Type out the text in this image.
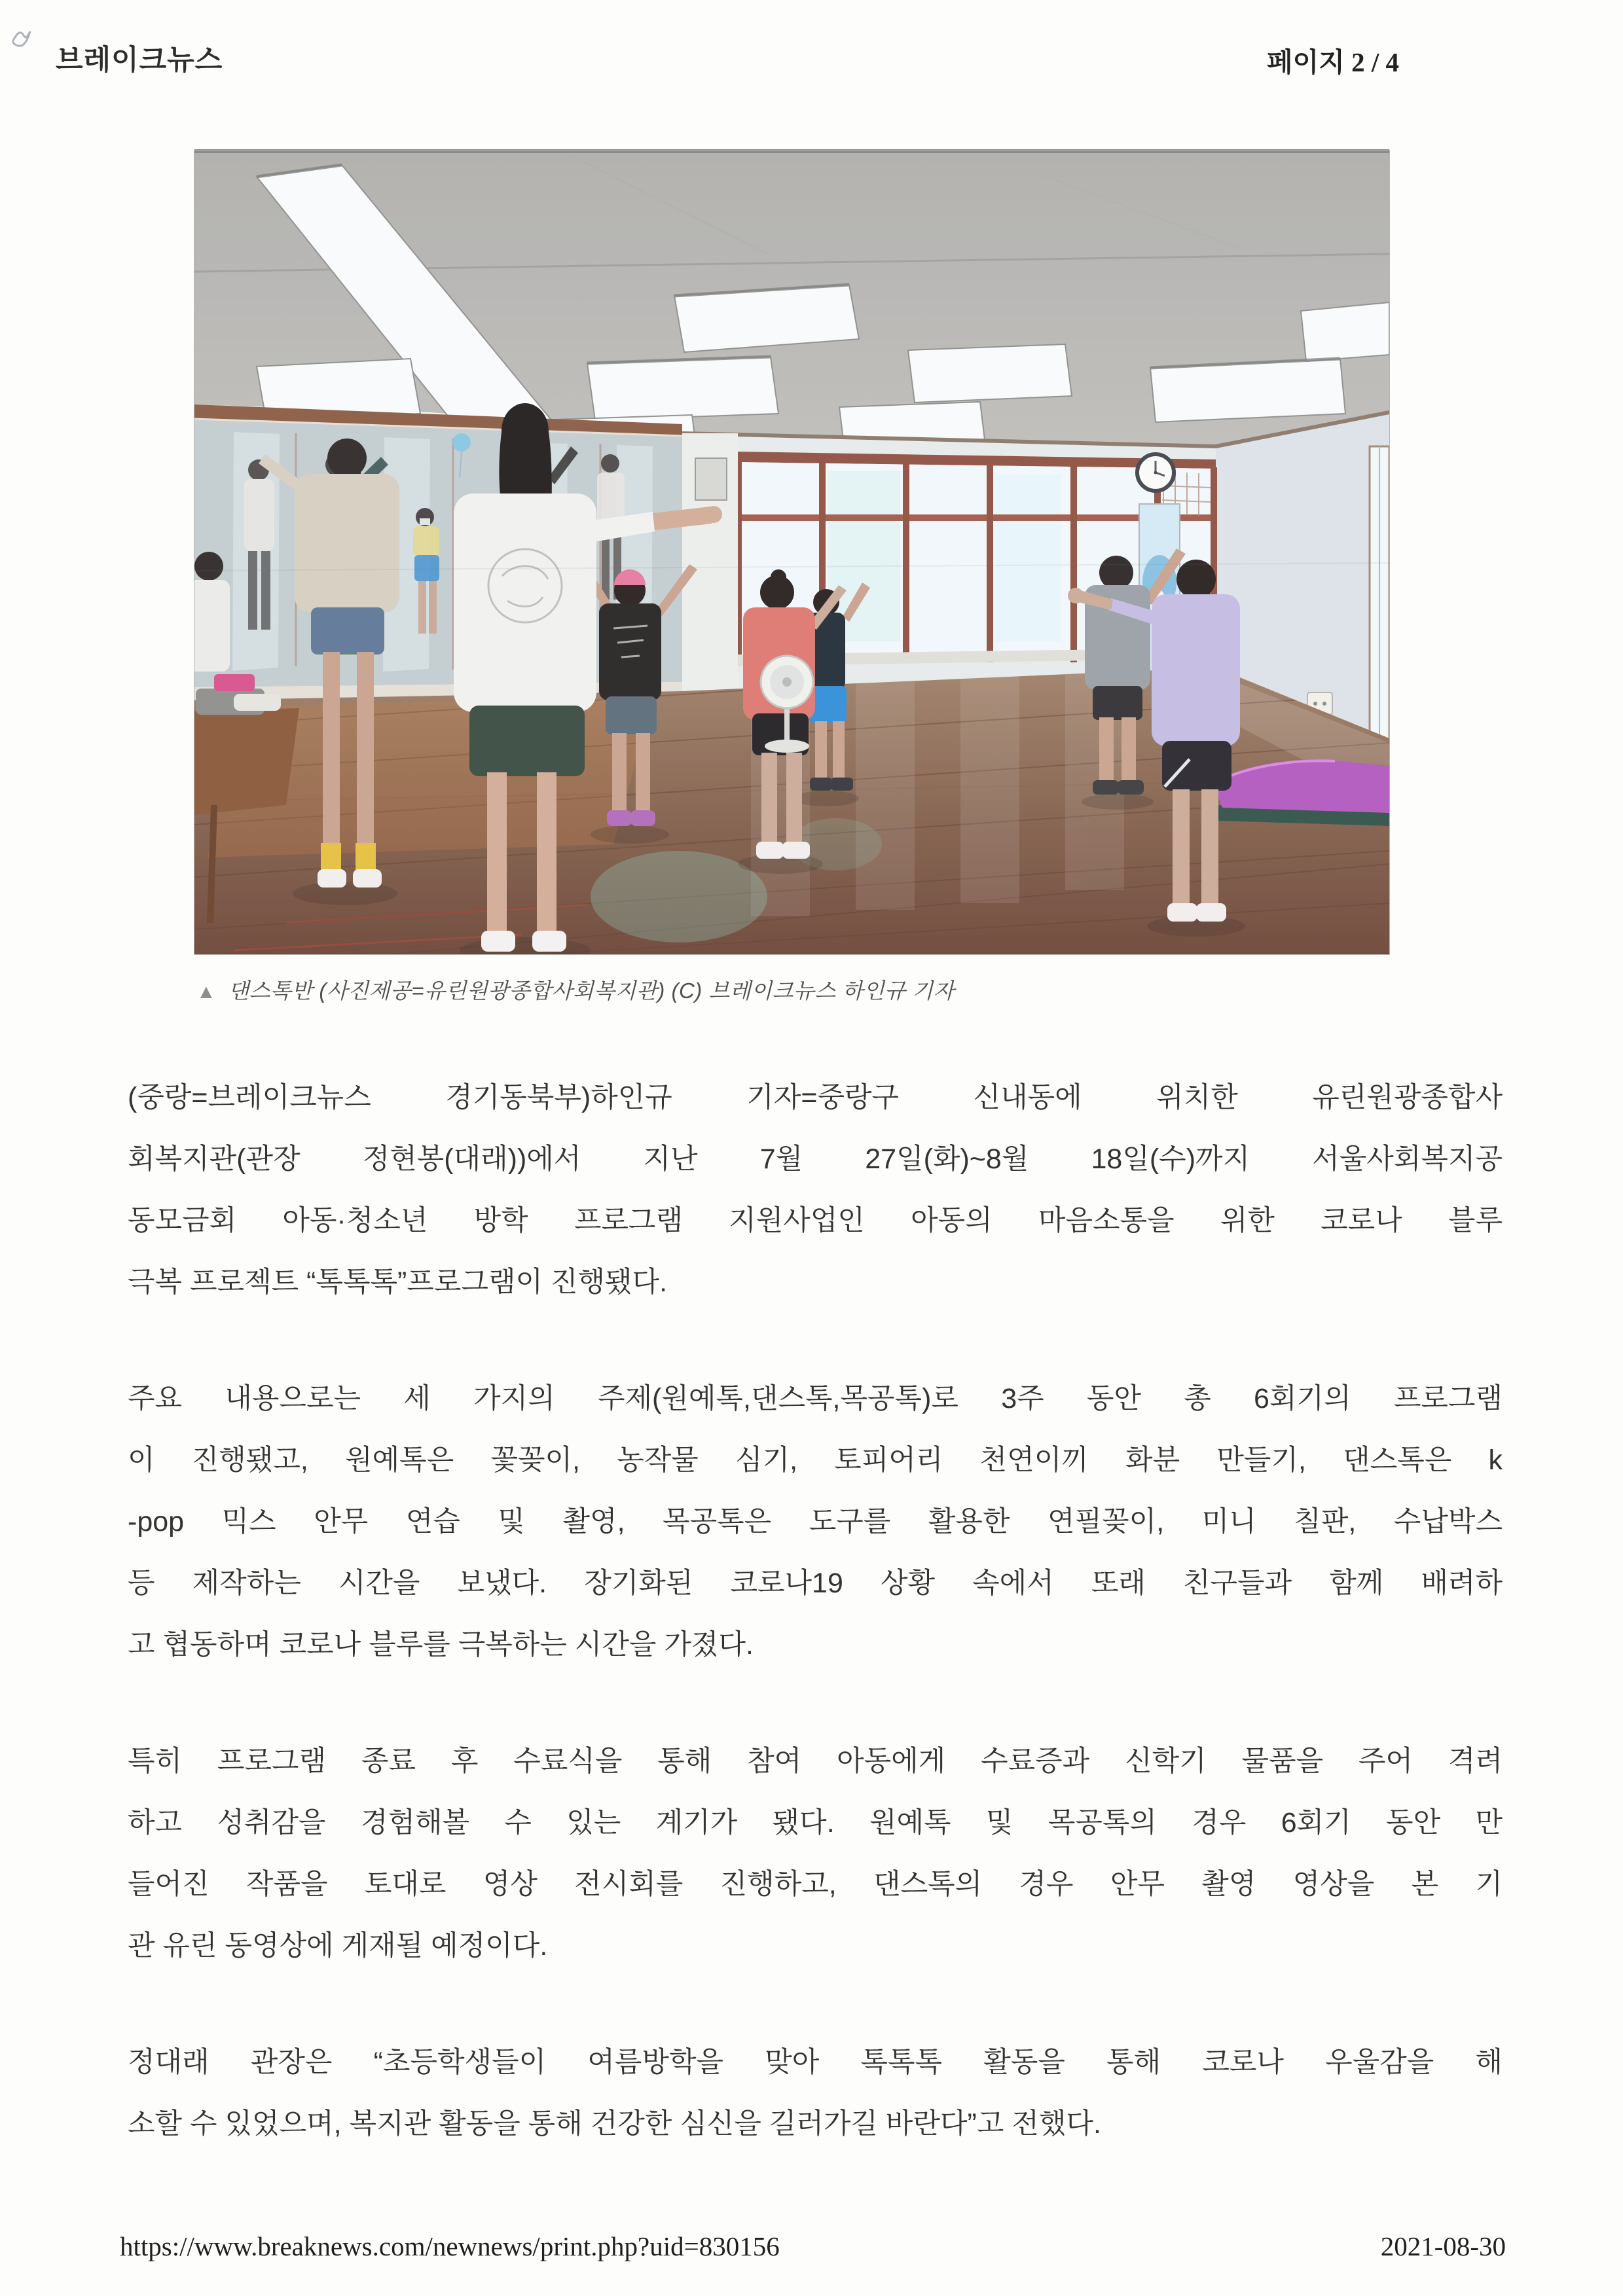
브레이크뉴스	페이지 2 / 4
▲ 댄스톡반 (사진제공=유린원광종합사회복지관) (C) 브레이크뉴스 하인규 기자
(중랑=브레이크뉴스 경기동북부)하인규 기자=중랑구 신내동에 위치한 유린원광종합사
회복지관(관장 정현봉(대래))에서 지난 7월 27일(화)~8월 18일(수)까지 서울사회복지공
동모금회 아동·청소년 방학 프로그램 지원사업인 아동의 마음소통을 위한 코로나 블루
극복 프로젝트 “톡톡톡”프로그램이 진행됐다.
주요 내용으로는 세 가지의 주제(원예톡,댄스톡,목공톡)로 3주 동안 총 6회기의 프로그램
이 진행됐고, 원예톡은 꽃꽂이, 농작물 심기, 토피어리 천연이끼 화분 만들기, 댄스톡은 k
-pop 믹스 안무 연습 및 촬영, 목공톡은 도구를 활용한 연필꽂이, 미니 칠판, 수납박스
등 제작하는 시간을 보냈다. 장기화된 코로나19 상황 속에서 또래 친구들과 함께 배려하
고 협동하며 코로나 블루를 극복하는 시간을 가졌다.
특히 프로그램 종료 후 수료식을 통해 참여 아동에게 수료증과 신학기 물품을 주어 격려
하고 성취감을 경험해볼 수 있는 계기가 됐다. 원예톡 및 목공톡의 경우 6회기 동안 만
들어진 작품을 토대로 영상 전시회를 진행하고, 댄스톡의 경우 안무 촬영 영상을 본 기
관 유린 동영상에 게재될 예정이다.
정대래 관장은 “초등학생들이 여름방학을 맞아 톡톡톡 활동을 통해 코로나 우울감을 해
소할 수 있었으며, 복지관 활동을 통해 건강한 심신을 길러가길 바란다”고 전했다.
https://www.breaknews.com/newnews/print.php?uid=830156	2021-08-30
